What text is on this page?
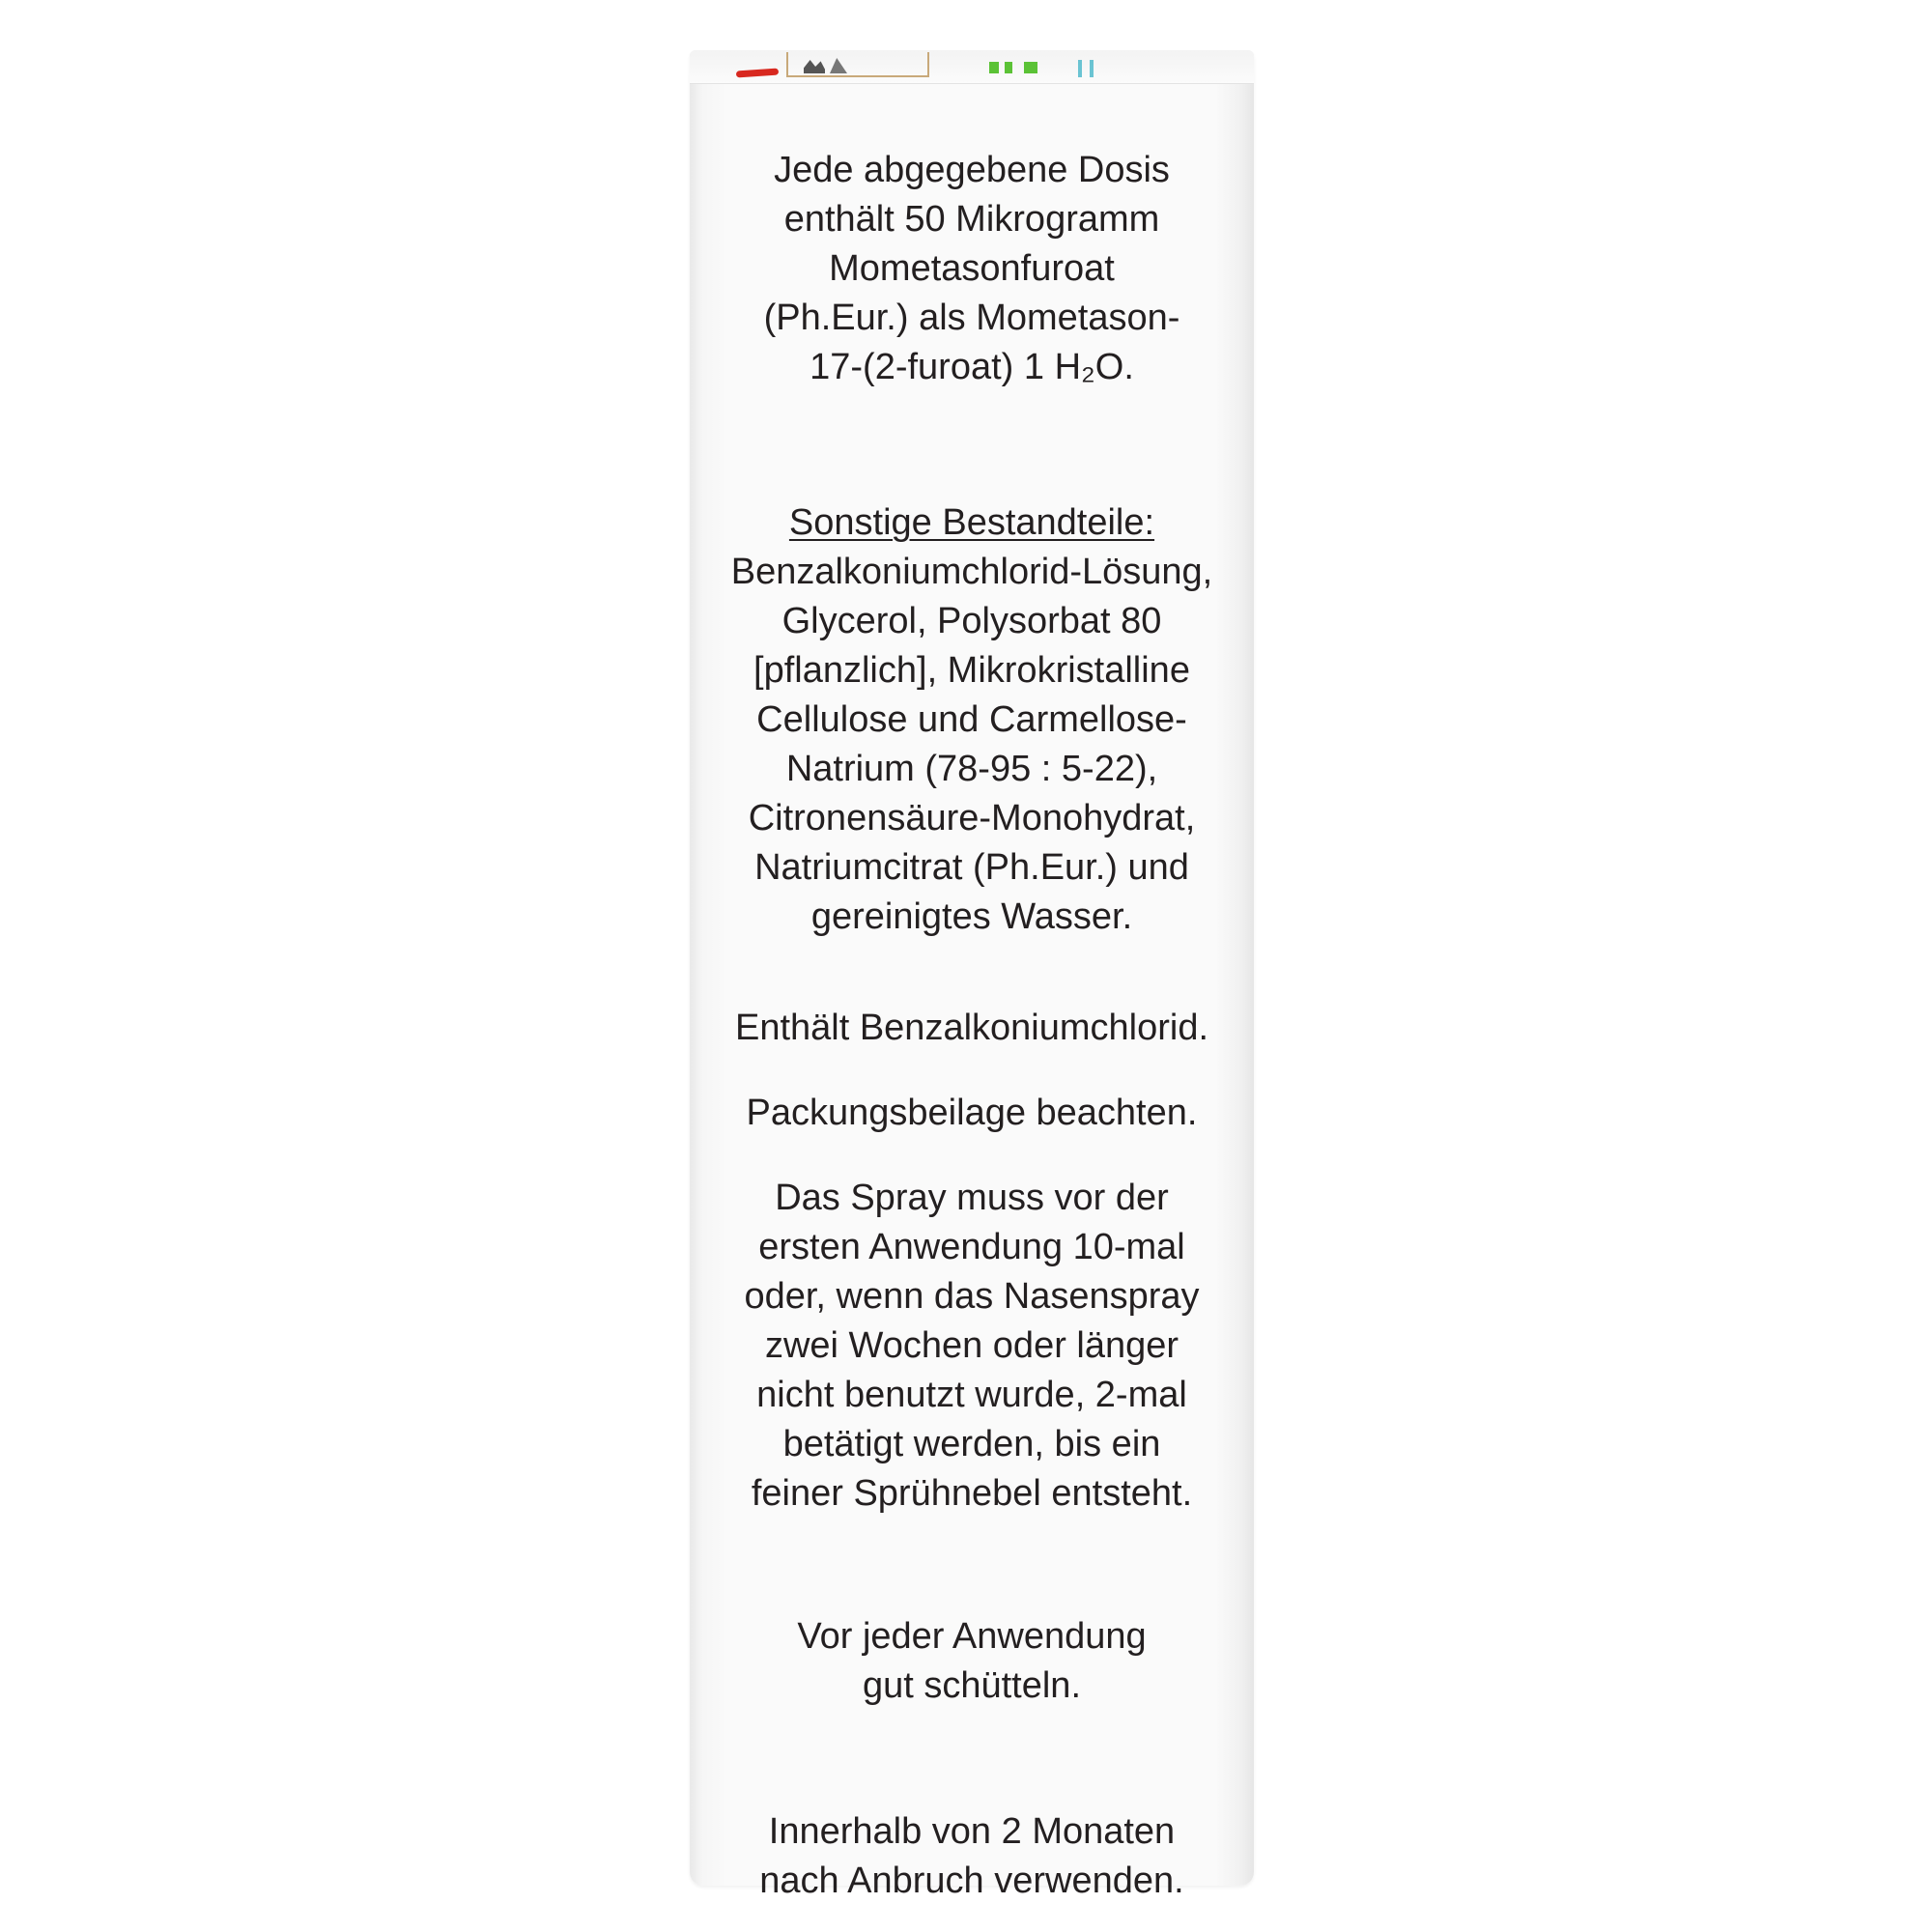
Jede abgegebene Dosis
enthält 50 Mikrogramm
Mometasonfuroat
(Ph.Eur.) als Mometason-
17-(2-furoat) 1 H₂O.

Sonstige Bestandteile:
Benzalkoniumchlorid-Lösung,
Glycerol, Polysorbat 80
[pflanzlich], Mikrokristalline
Cellulose und Carmellose-
Natrium (78-95 : 5-22),
Citronensäure-Monohydrat,
Natriumcitrat (Ph.Eur.) und
gereinigtes Wasser.

Enthält Benzalkoniumchlorid.

Packungsbeilage beachten.

Das Spray muss vor der
ersten Anwendung 10-mal
oder, wenn das Nasenspray
zwei Wochen oder länger
nicht benutzt wurde, 2-mal
betätigt werden, bis ein
feiner Sprühnebel entsteht.

Vor jeder Anwendung
gut schütteln.

Innerhalb von 2 Monaten
nach Anbruch verwenden.
